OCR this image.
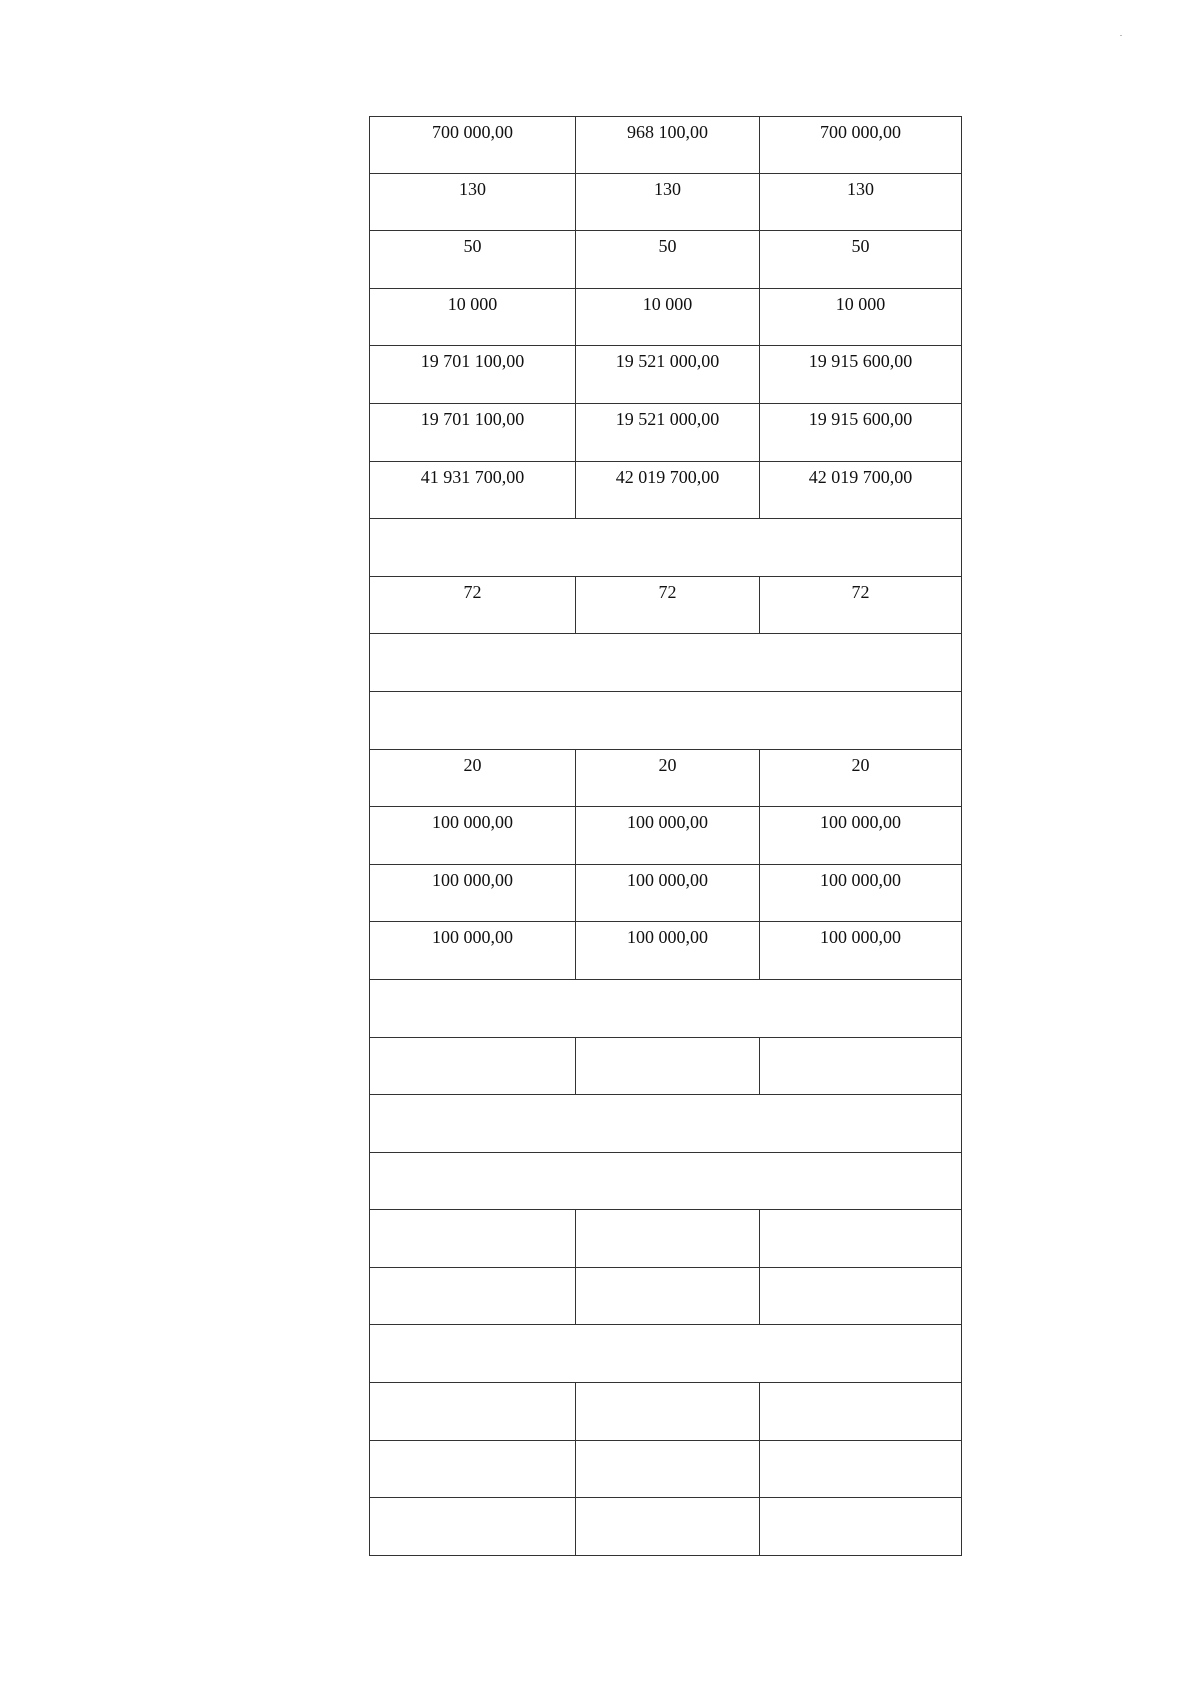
700 000,00	968 100,00	700 000,00
130	130	130
50	50	50
10 000	10 000	10 000
19 701 100,00	19 521 000,00	19 915 600,00
19 701 100,00	19 521 000,00	19 915 600,00
41 931 700,00	42 019 700,00	42 019 700,00
72	72	72
20	20	20
100 000,00	100 000,00	100 000,00
100 000,00	100 000,00	100 000,00
100 000,00	100 000,00	100 000,00
